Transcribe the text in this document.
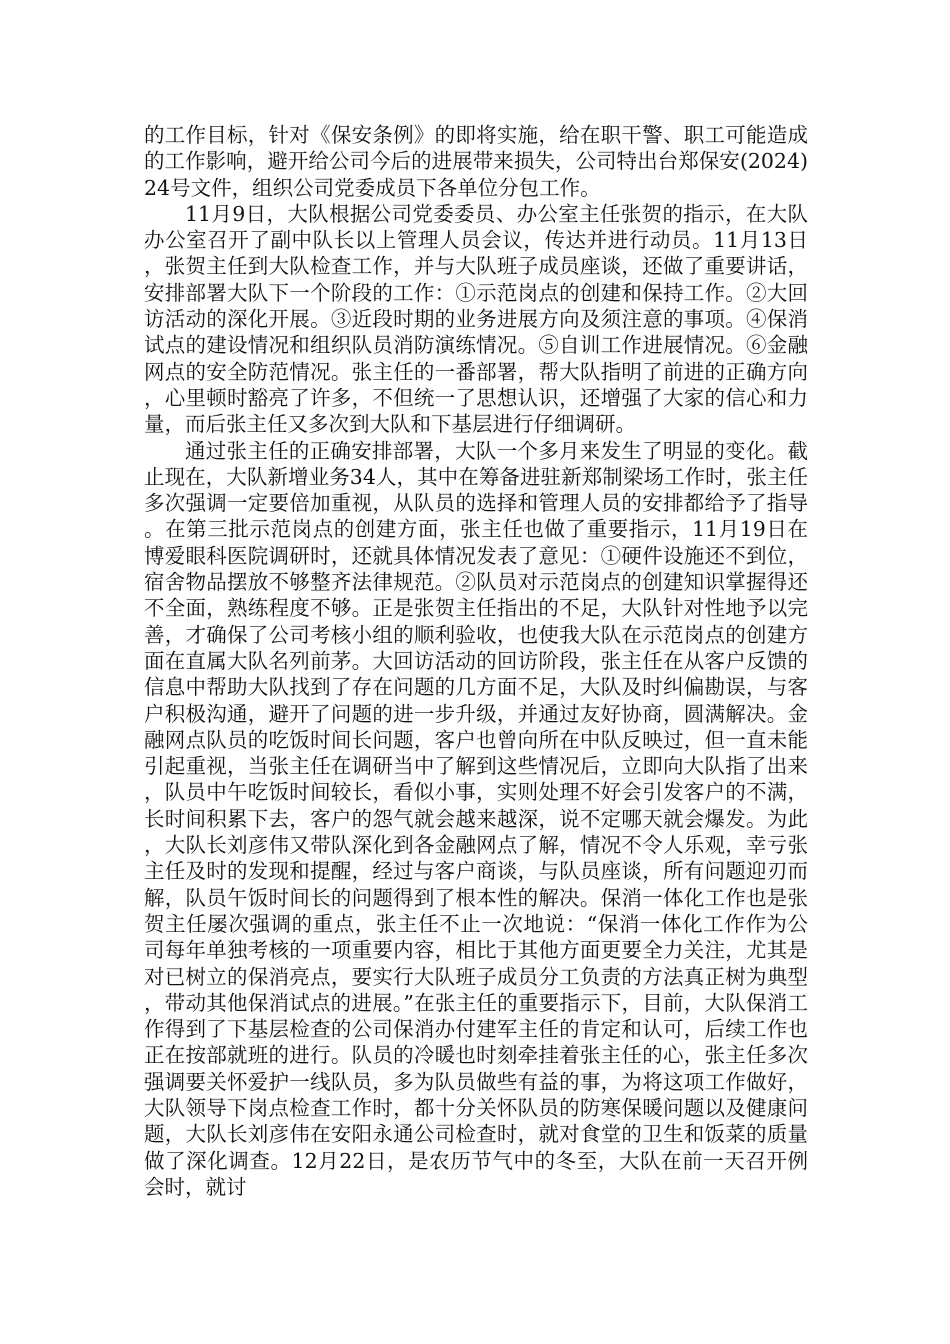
的工作目标，针对《保安条例》的即将实施，给在职干警、职工可能造成的工作影响，避开给公司今后的进展带来损失，公司特出台郑保安(2024)24号文件，组织公司党委成员下各单位分包工作。

11月9日，大队根据公司党委委员、办公室主任张贺的指示，在大队办公室召开了副中队长以上管理人员会议，传达并进行动员。11月13日，张贺主任到大队检查工作，并与大队班子成员座谈，还做了重要讲话，安排部署大队下一个阶段的工作：①示范岗点的创建和保持工作。②大回访活动的深化开展。③近段时期的业务进展方向及须注意的事项。④保消试点的建设情况和组织队员消防演练情况。⑤自训工作进展情况。⑥金融网点的安全防范情况。张主任的一番部署，帮大队指明了前进的正确方向，心里顿时豁亮了许多，不但统一了思想认识，还增强了大家的信心和力量，而后张主任又多次到大队和下基层进行仔细调研。

通过张主任的正确安排部署，大队一个多月来发生了明显的变化。截止现在，大队新增业务34人，其中在筹备进驻新郑制梁场工作时，张主任多次强调一定要倍加重视，从队员的选择和管理人员的安排都给予了指导。在第三批示范岗点的创建方面，张主任也做了重要指示，11月19日在博爱眼科医院调研时，还就具体情况发表了意见：①硬件设施还不到位，宿舍物品摆放不够整齐法律规范。②队员对示范岗点的创建知识掌握得还不全面，熟练程度不够。正是张贺主任指出的不足，大队针对性地予以完善，才确保了公司考核小组的顺利验收，也使我大队在示范岗点的创建方面在直属大队名列前茅。大回访活动的回访阶段，张主任在从客户反馈的信息中帮助大队找到了存在问题的几方面不足，大队及时纠偏勘误，与客户积极沟通，避开了问题的进一步升级，并通过友好协商，圆满解决。金融网点队员的吃饭时间长问题，客户也曾向所在中队反映过，但一直未能引起重视，当张主任在调研当中了解到这些情况后，立即向大队指了出来，队员中午吃饭时间较长，看似小事，实则处理不好会引发客户的不满，长时间积累下去，客户的怨气就会越来越深，说不定哪天就会爆发。为此，大队长刘彦伟又带队深化到各金融网点了解，情况不令人乐观，幸亏张主任及时的发现和提醒，经过与客户商谈，与队员座谈，所有问题迎刃而解，队员午饭时间长的问题得到了根本性的解决。保消一体化工作也是张贺主任屡次强调的重点，张主任不止一次地说：“保消一体化工作作为公司每年单独考核的一项重要内容，相比于其他方面更要全力关注，尤其是对已树立的保消亮点，要实行大队班子成员分工负责的方法真正树为典型，带动其他保消试点的进展。”在张主任的重要指示下，目前，大队保消工作得到了下基层检查的公司保消办付建军主任的肯定和认可，后续工作也正在按部就班的进行。队员的冷暖也时刻牵挂着张主任的心，张主任多次强调要关怀爱护一线队员，多为队员做些有益的事，为将这项工作做好，大队领导下岗点检查工作时，都十分关怀队员的防寒保暖问题以及健康问题，大队长刘彦伟在安阳永通公司检查时，就对食堂的卫生和饭菜的质量做了深化调查。12月22日，是农历节气中的冬至，大队在前一天召开例会时，就讨
